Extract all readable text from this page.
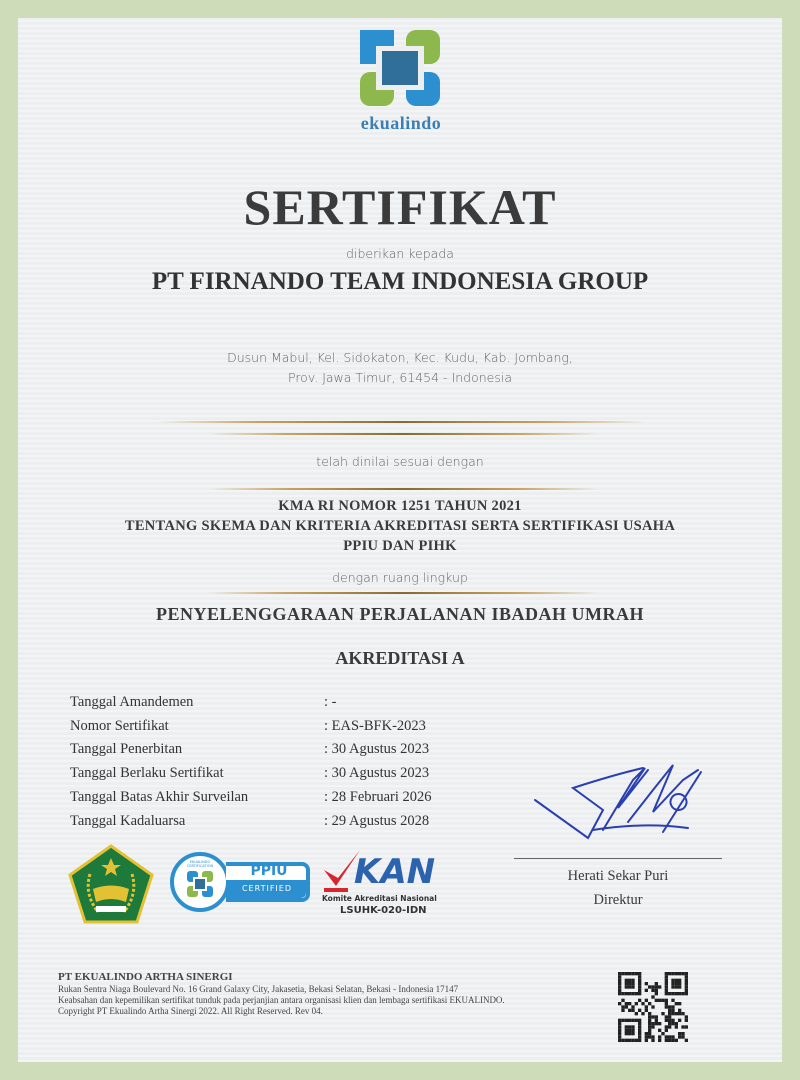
ekualindo
SERTIFIKAT
diberikan kepada
PT FIRNANDO TEAM INDONESIA GROUP
Dusun Mabul, Kel. Sidokaton, Kec. Kudu, Kab. Jombang,
Prov. Jawa Timur, 61454 - Indonesia
telah dinilai sesuai dengan
KMA RI NOMOR 1251 TAHUN 2021
TENTANG SKEMA DAN KRITERIA AKREDITASI SERTA SERTIFIKASI USAHA
PPIU DAN PIHK
dengan ruang lingkup
PENYELENGGARAAN PERJALANAN IBADAH UMRAH
AKREDITASI A
Tanggal Amandemen	: -
Nomor Sertifikat	: EAS-BFK-2023
Tanggal Penerbitan	: 30 Agustus 2023
Tanggal Berlaku Sertifikat	: 30 Agustus 2023
Tanggal Batas Akhir Surveilan	: 28 Februari 2026
Tanggal Kadaluarsa	: 29 Agustus 2028
Herati Sekar Puri
Direktur
EKUALINDO CERTIFICATION	PPIU
CERTIFIED KAN
Komite Akreditasi Nasional
LSUHK-020-IDN
PT EKUALINDO ARTHA SINERGI
Rukan Sentra Niaga Boulevard No. 16 Grand Galaxy City, Jakasetia, Bekasi Selatan, Bekasi - Indonesia 17147
Keabsahan dan kepemilikan sertifikat tunduk pada perjanjian antara organisasi klien dan lembaga sertifikasi EKUALINDO.
Copyright PT Ekualindo Artha Sinergi 2022. All Right Reserved. Rev 04.
